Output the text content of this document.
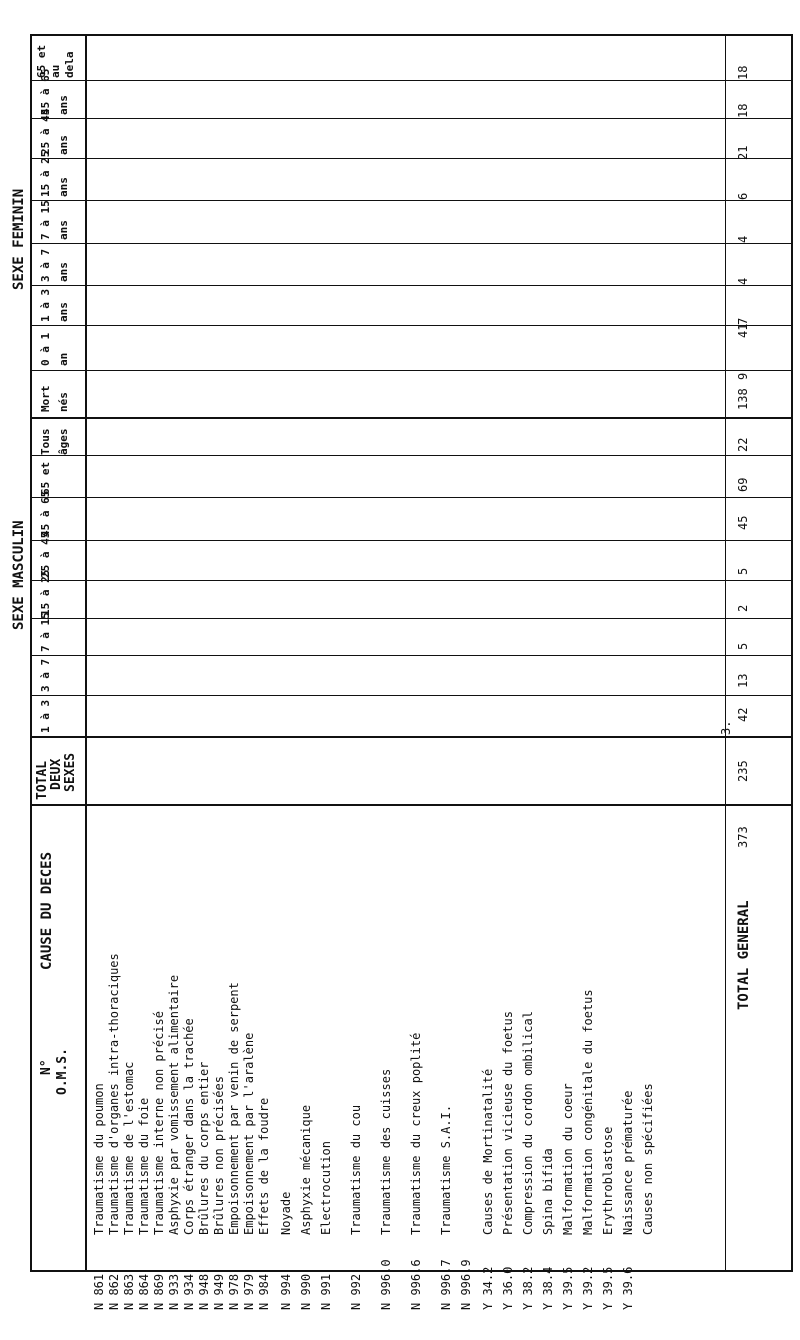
SEXE FEMININ
SEXE MASCULIN
TOTAL DEUX SEXES
CAUSE DU DECES
N° O.M.S.
65 et au dela
45 à 65 ans
25 à 45 ans
15 à 25 ans
7 à 15 ans
3 à 7 ans
1 à 3 ans
0 à 1 an
Mort nés
Tous âges
65 et
45 à 65
25 à 45
15 à 25
7 à 15
3 à 7
1 à 3
Traumatisme du poumon Traumatisme d'organes intra-thoraciques Traumatisme de l'estomac Traumatisme du foie Traumatisme interne non précisé Asphyxie par vomissement alimentaire Corps étranger dans la trachée Brûlures du corps entier Brûlures non précisées Empoisonnement par venin de serpent Empoisonnement par l'aralène Effets de la foudre Noyade Asphyxie mécanique Electrocution Traumatisme du cou Traumatisme des cuisses Traumatisme du creux poplité Traumatisme S.A.I. Causes de Mortinatalité Présentation vicieuse du foetus Compression du cordon ombilical Spina bifida Malformation du coeur Malformation congénitale du foetus Erythroblastose Naissance prématurée Causes non spécifiées
N 861 N 862 N 863 N 864 N 869 N 933 N 934 N 948 N 949 N 978 N 979 N 984 N 994 N 990 N 991 N 992 N 996.0 N 996.6 N 996.7 N 996.9 Y 34.2 Y 36.0 Y 38.2 Y 38.4 Y 39.5 Y 39.2 Y 39.5 Y 39.6
TOTAL GENERAL
18
18
21
6
4
4
7
41
9
138
22
69
45
5
2
5
13
42
3.
235
373
